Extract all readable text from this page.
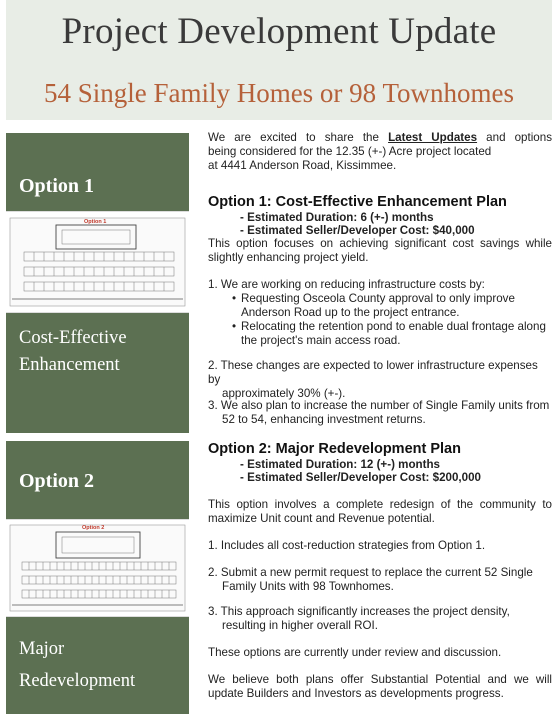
Project Development Update
54 Single Family Homes or 98 Townhomes
Option 1
Option 1
Cost-Effective
Enhancement
Option 2
Option 2
Major
Redevelopment
We are excited to share the Latest Updates and options
being considered for the 12.35 (+-) Acre project located
at 4441 Anderson Road, Kissimmee.
Option 1: Cost-Effective Enhancement Plan
- Estimated Duration: 6 (+-) months
- Estimated Seller/Developer Cost: $40,000
This option focuses on achieving significant cost savings while
slightly enhancing project yield.
1. We are working on reducing infrastructure costs by:
• Requesting Osceola County approval to only improve
Anderson Road up to the project entrance.
• Relocating the retention pond to enable dual frontage along
the project's main access road.
2. These changes are expected to lower infrastructure expenses by
approximately 30% (+-).
3. We also plan to increase the number of Single Family units from
52 to 54, enhancing investment returns.
Option 2: Major Redevelopment Plan
- Estimated Duration: 12 (+-) months
- Estimated Seller/Developer Cost: $200,000
This option involves a complete redesign of the community to
maximize Unit count and Revenue potential.
1. Includes all cost-reduction strategies from Option 1.
2. Submit a new permit request to replace the current 52 Single
Family Units with 98 Townhomes.
3. This approach significantly increases the project density,
resulting in higher overall ROI.
These options are currently under review and discussion.
We believe both plans offer Substantial Potential and we will
update Builders and Investors as developments progress.
